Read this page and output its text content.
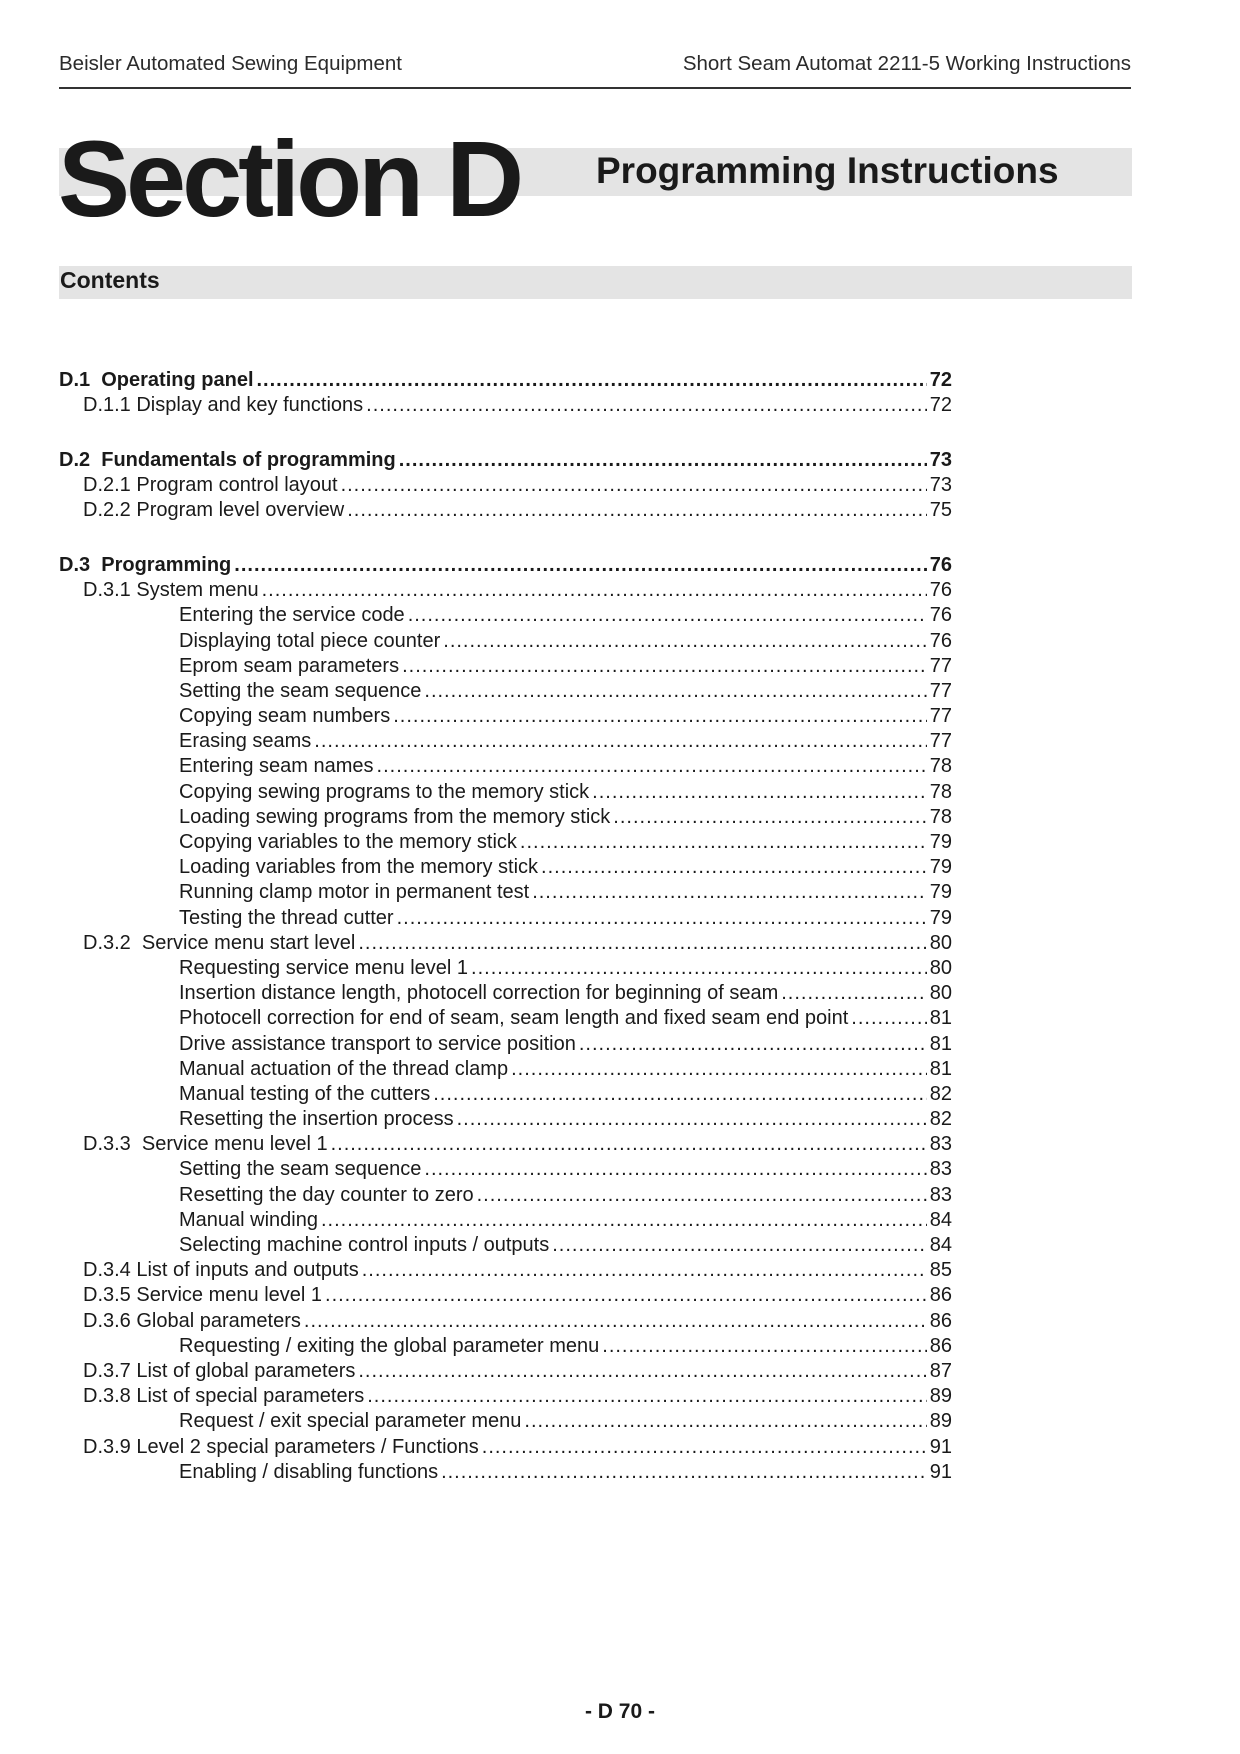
Beisler Automated Sewing Equipment	Short Seam Automat 2211-5 Working Instructions
Section D Programming Instructions
Contents
D.1 Operating panel .....	72
D.1.1 Display and key functions .....	72
D.2 Fundamentals of programming .....	73
D.2.1 Program control layout .....	73
D.2.2 Program level overview .....	75
D.3 Programming .....	76
D.3.1 System menu .....	76
Entering the service code .....	76
Displaying total piece counter .....	76
Eprom seam parameters .....	77
Setting the seam sequence .....	77
Copying seam numbers .....	77
Erasing seams .....	77
Entering seam names .....	78
Copying sewing programs to the memory stick .....	78
Loading sewing programs from the memory stick .....	78
Copying variables to the memory stick .....	79
Loading variables from the memory stick .....	79
Running clamp motor in permanent test .....	79
Testing the thread cutter .....	79
D.3.2 Service menu start level .....	80
Requesting service menu level 1 .....	80
Insertion distance length, photocell correction for beginning of seam .....	80
Photocell correction for end of seam, seam length and fixed seam end point .....	81
Drive assistance transport to service position .....	81
Manual actuation of the thread clamp .....	81
Manual testing of the cutters .....	82
Resetting the insertion process .....	82
D.3.3 Service menu level 1 .....	83
Setting the seam sequence .....	83
Resetting the day counter to zero .....	83
Manual winding .....	84
Selecting machine control inputs / outputs .....	84
D.3.4 List of inputs and outputs .....	85
D.3.5 Service menu level 1 .....	86
D.3.6 Global parameters .....	86
Requesting / exiting the global parameter menu .....	86
D.3.7 List of global parameters .....	87
D.3.8 List of special parameters .....	89
Request / exit special parameter menu .....	89
D.3.9 Level 2 special parameters / Functions .....	91
Enabling / disabling functions .....	91
- D 70 -
